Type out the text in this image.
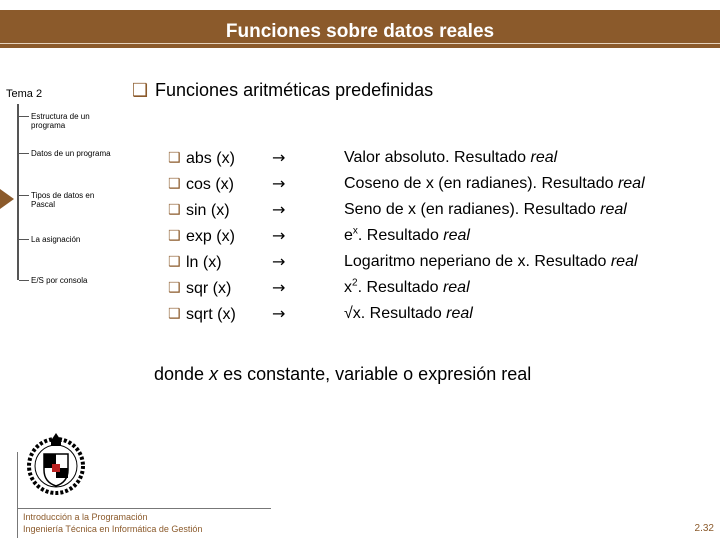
Funciones sobre datos reales
Tema 2
Estructura de un programa
Datos de un programa
Tipos de datos en Pascal
La asignación
E/S por consola
❑ Funciones aritméticas predefinidas
❑ abs (x)
❑ cos (x)
❑ sin (x)
❑ exp (x)
❑ ln (x)
❑ sqr (x)
❑ sqrt (x)
→
→
→
→
→
→
→
Valor absoluto. Resultado real
Coseno de x (en radianes). Resultado real
Seno de x (en radianes). Resultado real
$e^x$. Resultado real
Logaritmo neperiano de x. Resultado real
$x^2$. Resultado real
√x. Resultado real
donde x es constante, variable o expresión real
Introducción a la Programación
Ingeniería Técnica en Informática de Gestión	2.32
